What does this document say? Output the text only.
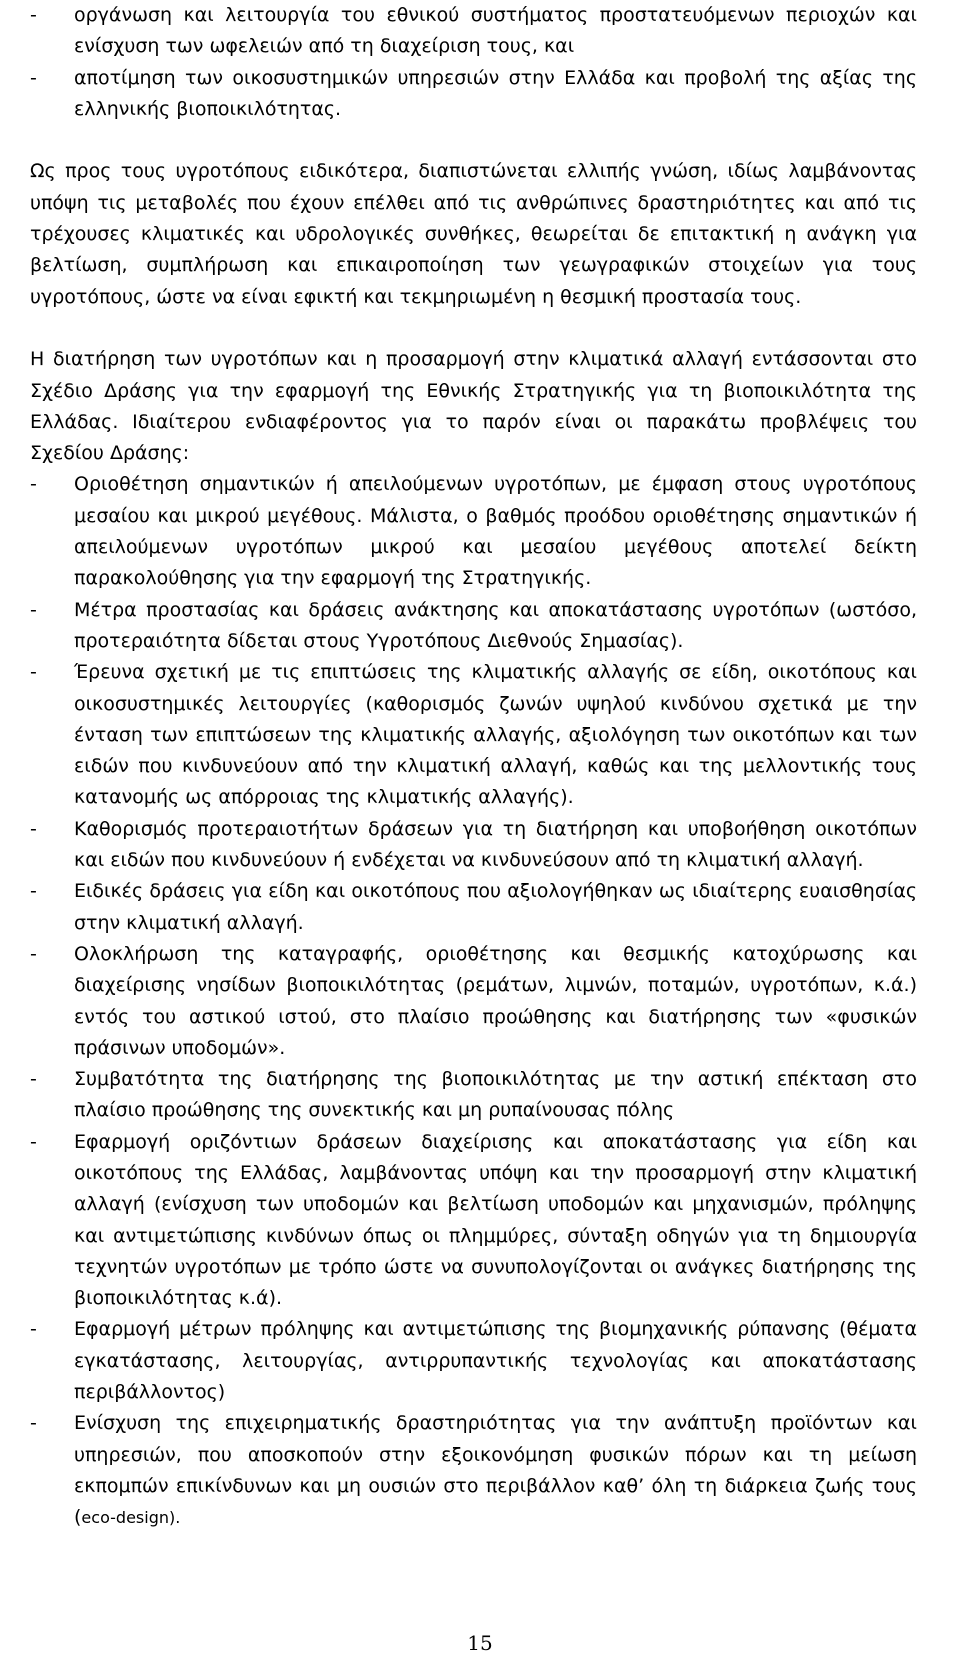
-	οργάνωση και λειτουργία του εθνικού συστήματος προστατευόμενων περιοχών και ενίσχυση των ωφελειών από τη διαχείριση τους, και
-	αποτίμηση των οικοσυστημικών υπηρεσιών στην Ελλάδα και προβολή της αξίας της ελληνικής βιοποικιλότητας.

Ως προς τους υγροτόπους ειδικότερα, διαπιστώνεται ελλιπής γνώση, ιδίως λαμβάνοντας υπόψη τις μεταβολές που έχουν επέλθει από τις ανθρώπινες δραστηριότητες και από τις τρέχουσες κλιματικές και υδρολογικές συνθήκες, θεωρείται δε επιτακτική η ανάγκη για βελτίωση, συμπλήρωση και επικαιροποίηση των γεωγραφικών στοιχείων για τους υγροτόπους, ώστε να είναι εφικτή και τεκμηριωμένη η θεσμική προστασία τους.

Η διατήρηση των υγροτόπων και η προσαρμογή στην κλιματικά αλλαγή εντάσσονται στο Σχέδιο Δράσης για την εφαρμογή της Εθνικής Στρατηγικής για τη βιοποικιλότητα της Ελλάδας. Ιδιαίτερου ενδιαφέροντος για το παρόν είναι οι παρακάτω προβλέψεις του Σχεδίου Δράσης:

-	Οριοθέτηση σημαντικών ή απειλούμενων υγροτόπων, με έμφαση στους υγροτόπους μεσαίου και μικρού μεγέθους. Μάλιστα, ο βαθμός προόδου οριοθέτησης σημαντικών ή απειλούμενων υγροτόπων μικρού και μεσαίου μεγέθους αποτελεί δείκτη παρακολούθησης για την εφαρμογή της Στρατηγικής.
-	Μέτρα προστασίας και δράσεις ανάκτησης και αποκατάστασης υγροτόπων (ωστόσο, προτεραιότητα δίδεται στους Υγροτόπους Διεθνούς Σημασίας).
-	Έρευνα σχετική με τις επιπτώσεις της κλιματικής αλλαγής σε είδη, οικοτόπους και οικοσυστημικές λειτουργίες (καθορισμός ζωνών υψηλού κινδύνου σχετικά με την ένταση των επιπτώσεων της κλιματικής αλλαγής, αξιολόγηση των οικοτόπων και των ειδών που κινδυνεύουν από την κλιματική αλλαγή, καθώς και της μελλοντικής τους κατανομής ως απόρροιας της κλιματικής αλλαγής).
-	Καθορισμός προτεραιοτήτων δράσεων για τη διατήρηση και υποβοήθηση οικοτόπων και ειδών που κινδυνεύουν ή ενδέχεται να κινδυνεύσουν από τη κλιματική αλλαγή.
-	Ειδικές δράσεις για είδη και οικοτόπους που αξιολογήθηκαν ως ιδιαίτερης ευαισθησίας στην κλιματική αλλαγή.
-	Ολοκλήρωση της καταγραφής, οριοθέτησης και θεσμικής κατοχύρωσης και διαχείρισης νησίδων βιοποικιλότητας (ρεμάτων, λιμνών, ποταμών, υγροτόπων, κ.ά.) εντός του αστικού ιστού, στο πλαίσιο προώθησης και διατήρησης των «φυσικών πράσινων υποδομών».
-	Συμβατότητα της διατήρησης της βιοποικιλότητας με την αστική επέκταση στο πλαίσιο προώθησης της συνεκτικής και μη ρυπαίνουσας πόλης
-	Εφαρμογή οριζόντιων δράσεων διαχείρισης και αποκατάστασης για είδη και οικοτόπους της Ελλάδας, λαμβάνοντας υπόψη και την προσαρμογή στην κλιματική αλλαγή (ενίσχυση των υποδομών και βελτίωση υποδομών και μηχανισμών, πρόληψης και αντιμετώπισης κινδύνων όπως οι πλημμύρες, σύνταξη οδηγών για τη δημιουργία τεχνητών υγροτόπων με τρόπο ώστε να συνυπολογίζονται οι ανάγκες διατήρησης της βιοποικιλότητας κ.ά).
-	Εφαρμογή μέτρων πρόληψης και αντιμετώπισης της βιομηχανικής ρύπανσης (θέματα εγκατάστασης, λειτουργίας, αντιρρυπαντικής τεχνολογίας και αποκατάστασης περιβάλλοντος)
-	Ενίσχυση της επιχειρηματικής δραστηριότητας για την ανάπτυξη προϊόντων και υπηρεσιών, που αποσκοπούν στην εξοικονόμηση φυσικών πόρων και τη μείωση εκπομπών επικίνδυνων και μη ουσιών στο περιβάλλον καθ’ όλη τη διάρκεια ζωής τους (eco-design).
15
